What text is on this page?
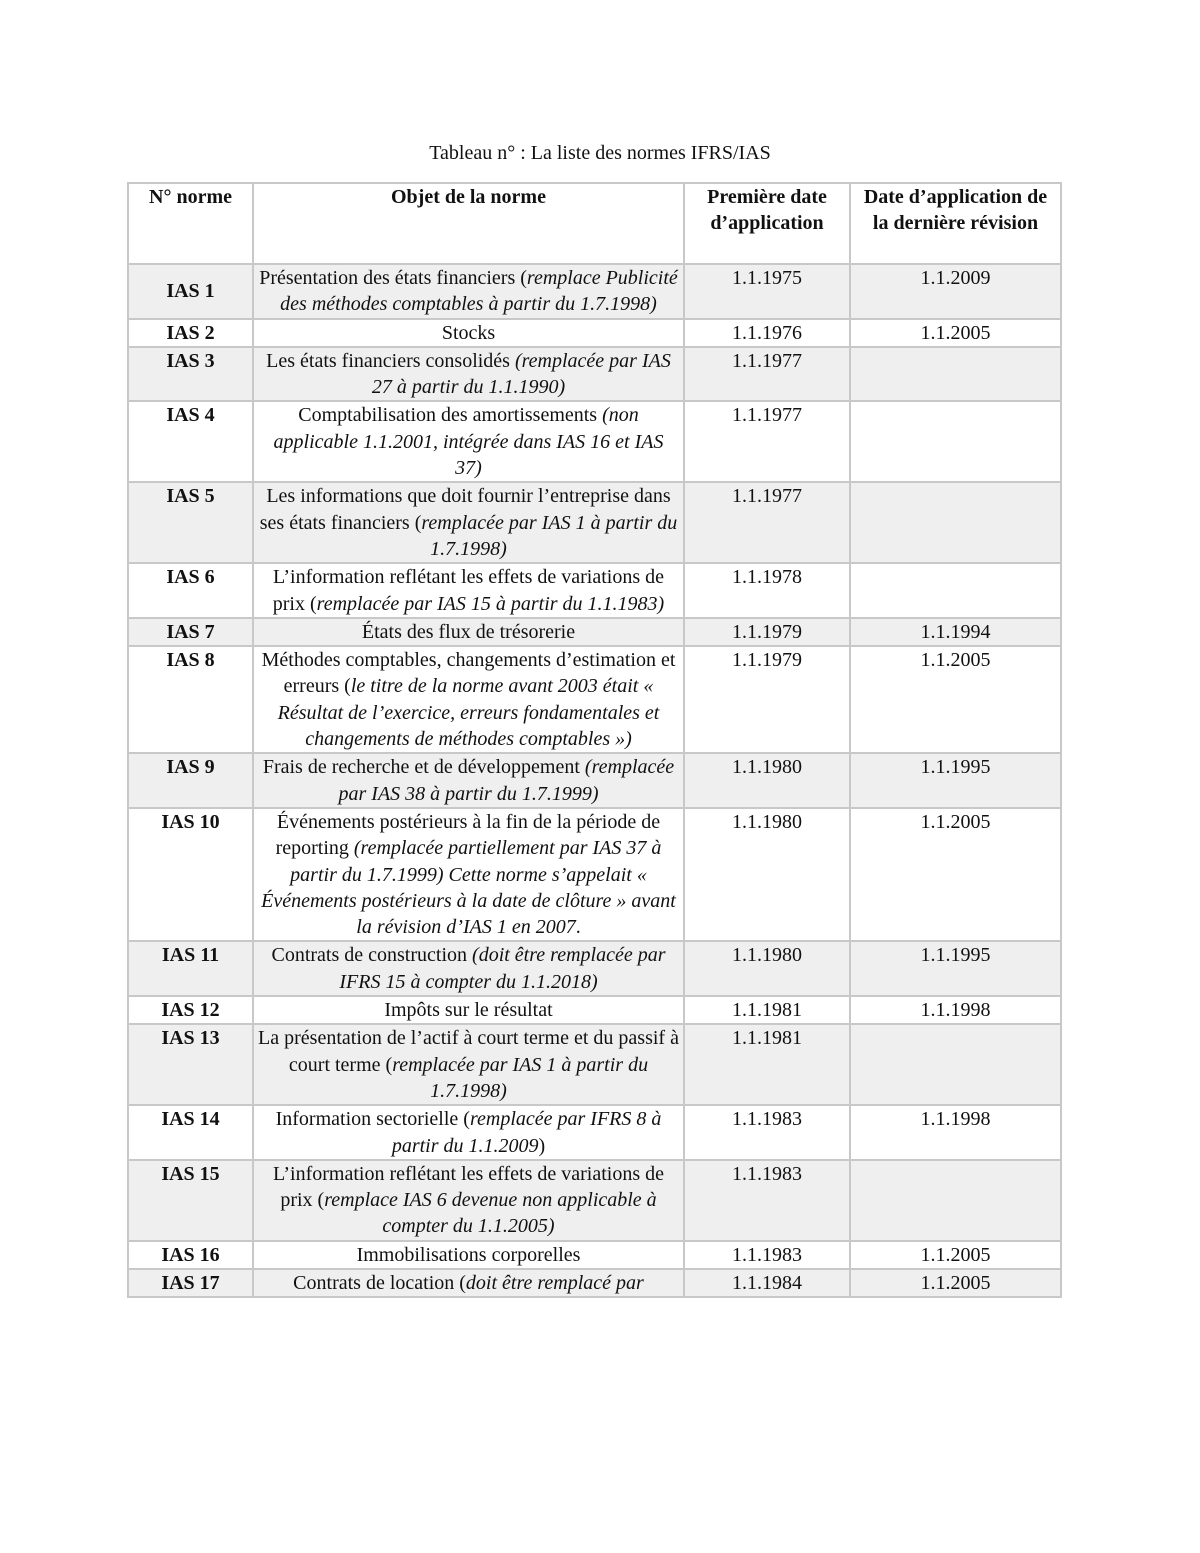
Tableau n° : La liste des normes IFRS/IAS
N° norme	Objet de la norme	Première date d’application	Date d’application de la dernière révision
IAS 1	Présentation des états financiers (remplace Publicité des méthodes comptables à partir du 1.7.1998)	1.1.1975	1.1.2009
IAS 2	Stocks	1.1.1976	1.1.2005
IAS 3	Les états financiers consolidés (remplacée par IAS 27 à partir du 1.1.1990)	1.1.1977	
IAS 4	Comptabilisation des amortissements (non applicable 1.1.2001, intégrée dans IAS 16 et IAS 37)	1.1.1977	
IAS 5	Les informations que doit fournir l’entreprise dans ses états financiers (remplacée par IAS 1 à partir du 1.7.1998)	1.1.1977	
IAS 6	L’information reflétant les effets de variations de prix (remplacée par IAS 15 à partir du 1.1.1983)	1.1.1978	
IAS 7	États des flux de trésorerie	1.1.1979	1.1.1994
IAS 8	Méthodes comptables, changements d’estimation et erreurs (le titre de la norme avant 2003 était « Résultat de l’exercice, erreurs fondamentales et changements de méthodes comptables »)	1.1.1979	1.1.2005
IAS 9	Frais de recherche et de développement (remplacée par IAS 38 à partir du 1.7.1999)	1.1.1980	1.1.1995
IAS 10	Événements postérieurs à la fin de la période de reporting (remplacée partiellement par IAS 37 à partir du 1.7.1999) Cette norme s’appelait « Événements postérieurs à la date de clôture » avant la révision d’IAS 1 en 2007.	1.1.1980	1.1.2005
IAS 11	Contrats de construction (doit être remplacée par IFRS 15 à compter du 1.1.2018)	1.1.1980	1.1.1995
IAS 12	Impôts sur le résultat	1.1.1981	1.1.1998
IAS 13	La présentation de l’actif à court terme et du passif à court terme (remplacée par IAS 1 à partir du 1.7.1998)	1.1.1981	
IAS 14	Information sectorielle (remplacée par IFRS 8 à partir du 1.1.2009)	1.1.1983	1.1.1998
IAS 15	L’information reflétant les effets de variations de prix (remplace IAS 6 devenue non applicable à compter du 1.1.2005)	1.1.1983	
IAS 16	Immobilisations corporelles	1.1.1983	1.1.2005
IAS 17	Contrats de location (doit être remplacé par	1.1.1984	1.1.2005
